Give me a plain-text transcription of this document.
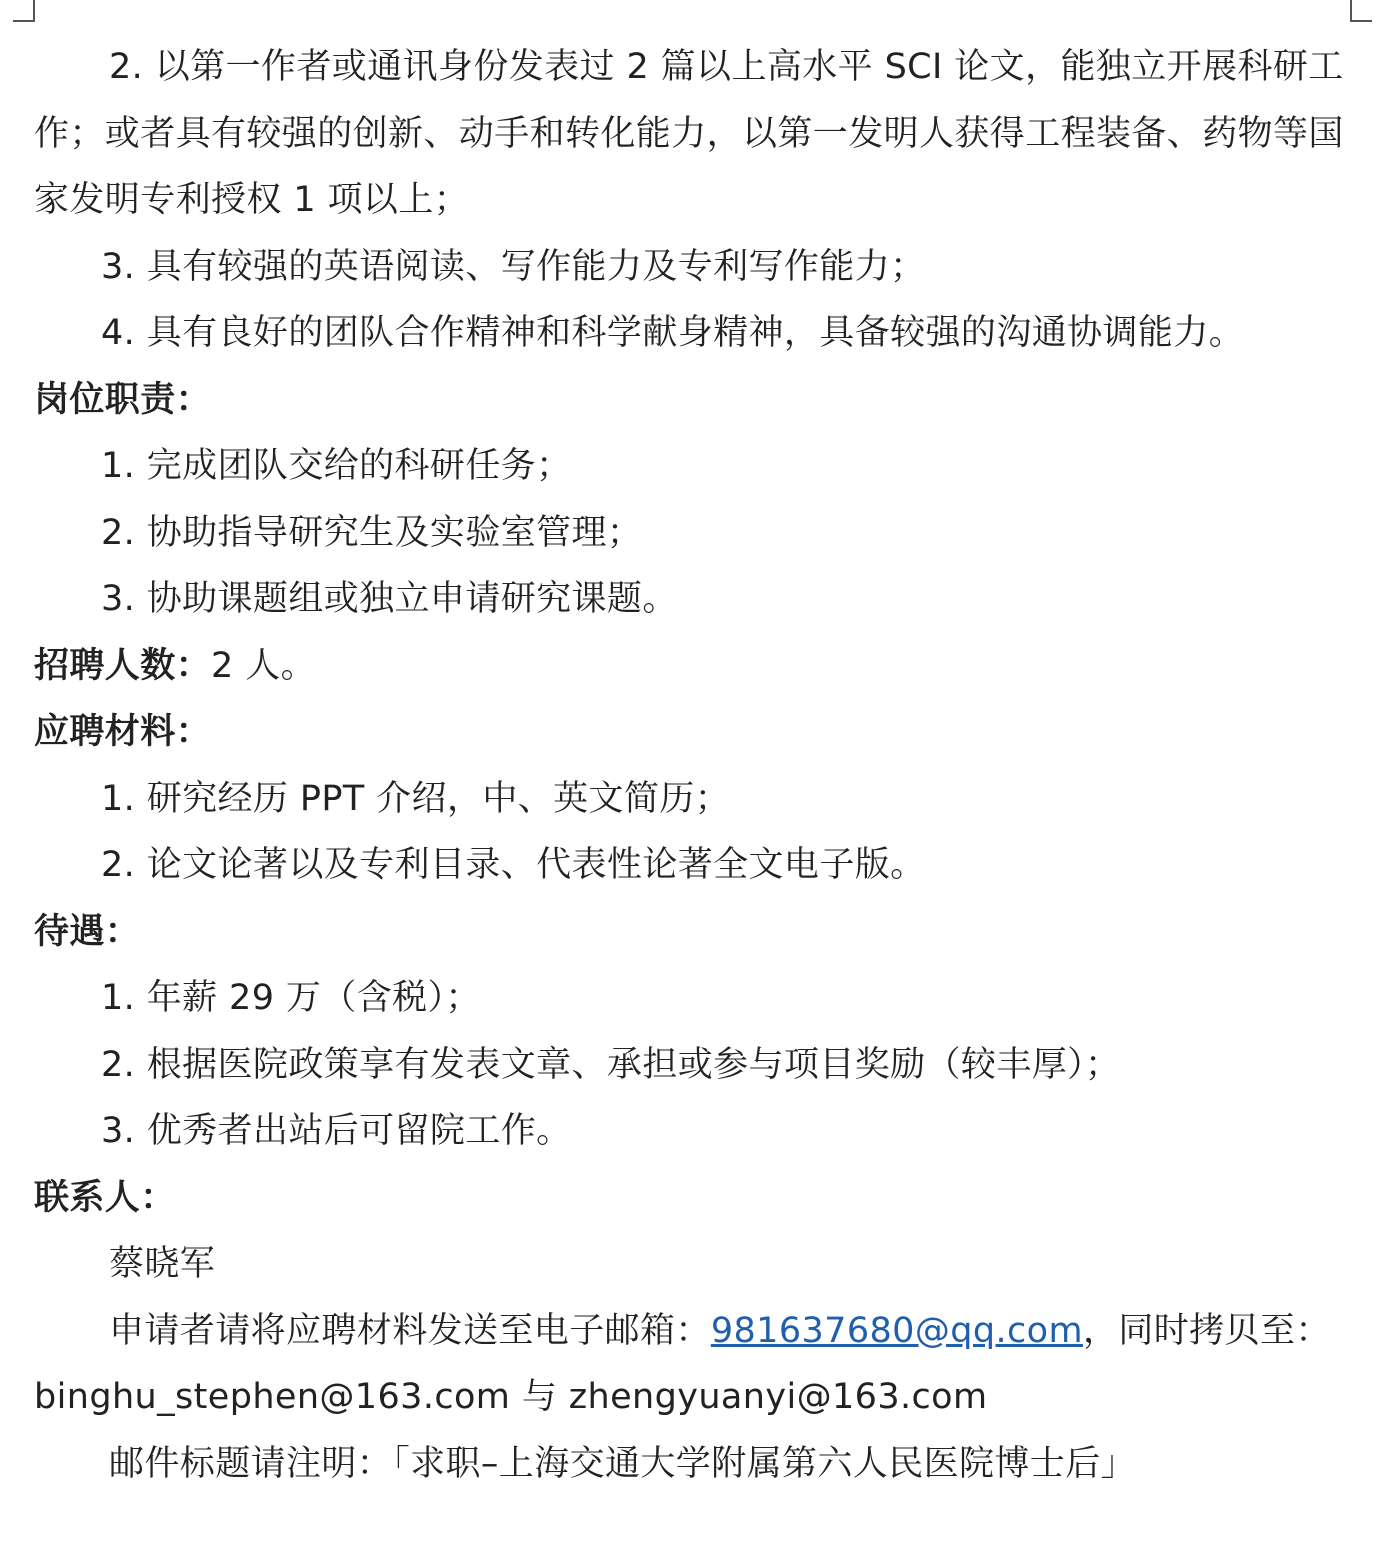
2. 以第一作者或通讯身份发表过 2 篇以上高水平 SCI 论文，能独立开展科研工作；或者具有较强的创新、动手和转化能力，以第一发明人获得工程装备、药物等国家发明专利授权 1 项以上；
3. 具有较强的英语阅读、写作能力及专利写作能力；
4. 具有良好的团队合作精神和科学献身精神，具备较强的沟通协调能力。
岗位职责：
1. 完成团队交给的科研任务；
2. 协助指导研究生及实验室管理；
3. 协助课题组或独立申请研究课题。
招聘人数：2 人。
应聘材料：
1. 研究经历 PPT 介绍，中、英文简历；
2. 论文论著以及专利目录、代表性论著全文电子版。
待遇：
1. 年薪 29 万（含税）；
2. 根据医院政策享有发表文章、承担或参与项目奖励（较丰厚）；
3. 优秀者出站后可留院工作。
联系人：
蔡晓军
申请者请将应聘材料发送至电子邮箱：981637680@qq.com，同时拷贝至：binghu_stephen@163.com 与 zhengyuanyi@163.com
邮件标题请注明：「求职–上海交通大学附属第六人民医院博士后」
